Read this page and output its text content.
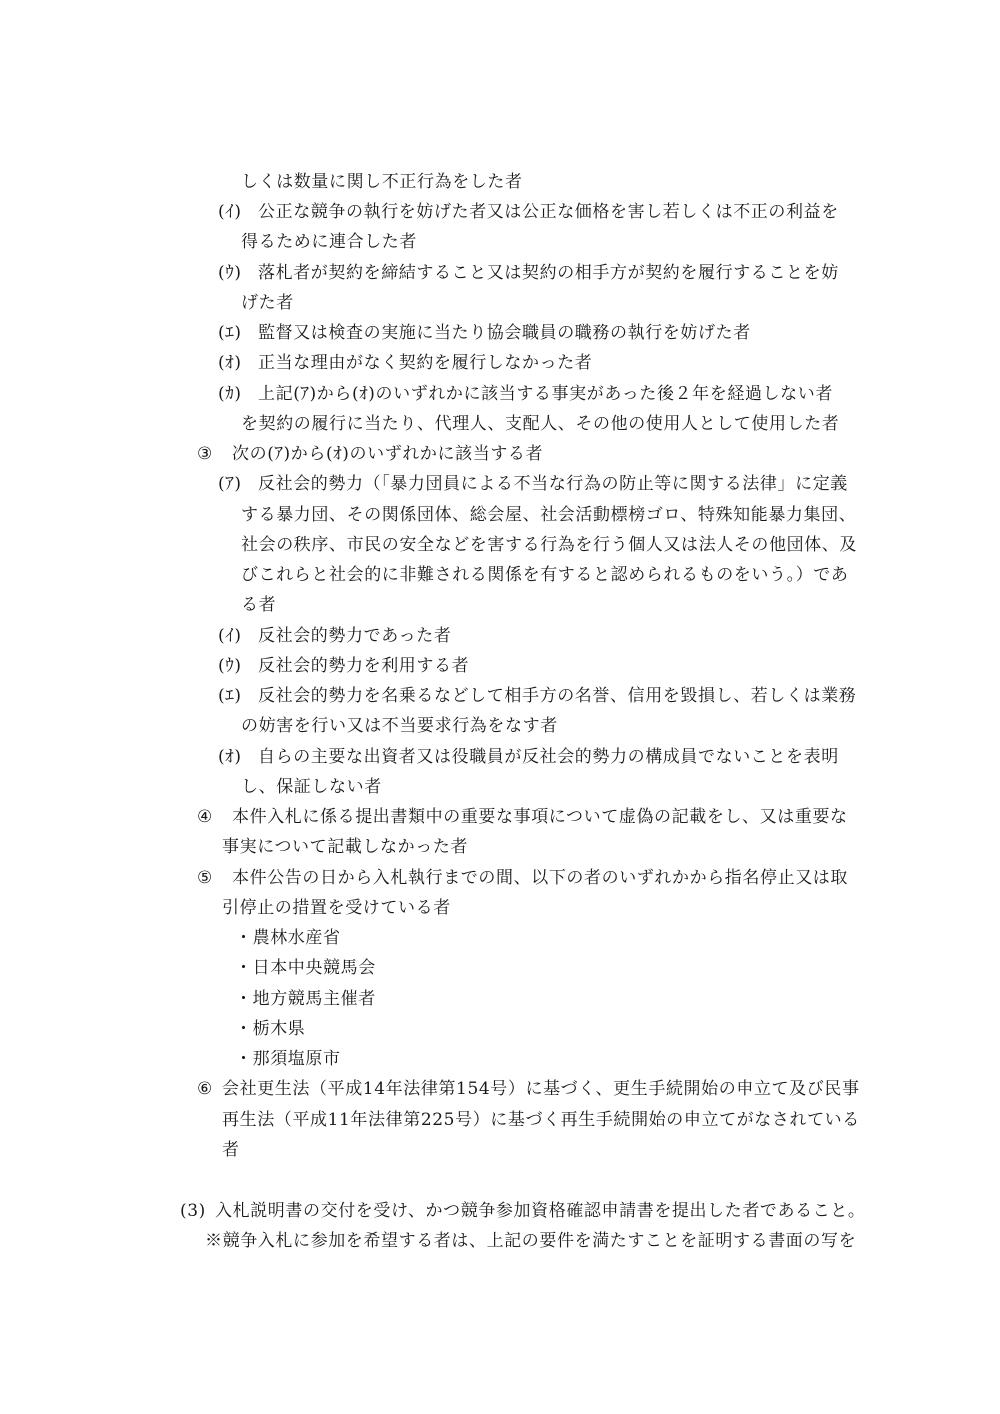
しくは数量に関し不正行為をした者
(ｲ) 公正な競争の執行を妨げた者又は公正な価格を害し若しくは不正の利益を
得るために連合した者
(ｳ) 落札者が契約を締結すること又は契約の相手方が契約を履行することを妨
げた者
(ｴ) 監督又は検査の実施に当たり協会職員の職務の執行を妨げた者
(ｵ) 正当な理由がなく契約を履行しなかった者
(ｶ) 上記(ｱ)から(ｵ)のいずれかに該当する事実があった後２年を経過しない者
を契約の履行に当たり、代理人、支配人、その他の使用人として使用した者
③ 次の(ｱ)から(ｵ)のいずれかに該当する者
(ｱ) 反社会的勢力（「暴力団員による不当な行為の防止等に関する法律」に定義
する暴力団、その関係団体、総会屋、社会活動標榜ゴロ、特殊知能暴力集団、
社会の秩序、市民の安全などを害する行為を行う個人又は法人その他団体、及
びこれらと社会的に非難される関係を有すると認められるものをいう。）であ
る者
(ｲ) 反社会的勢力であった者
(ｳ) 反社会的勢力を利用する者
(ｴ) 反社会的勢力を名乗るなどして相手方の名誉、信用を毀損し、若しくは業務
の妨害を行い又は不当要求行為をなす者
(ｵ) 自らの主要な出資者又は役職員が反社会的勢力の構成員でないことを表明
し、保証しない者
④ 本件入札に係る提出書類中の重要な事項について虚偽の記載をし、又は重要な
事実について記載しなかった者
⑤ 本件公告の日から入札執行までの間、以下の者のいずれかから指名停止又は取
引停止の措置を受けている者
・農林水産省
・日本中央競馬会
・地方競馬主催者
・栃木県
・那須塩原市
⑥ 会社更生法（平成14年法律第154号）に基づく、更生手続開始の申立て及び民事
再生法（平成11年法律第225号）に基づく再生手続開始の申立てがなされている
者
(3) 入札説明書の交付を受け、かつ競争参加資格確認申請書を提出した者であること。
※競争入札に参加を希望する者は、上記の要件を満たすことを証明する書面の写を
